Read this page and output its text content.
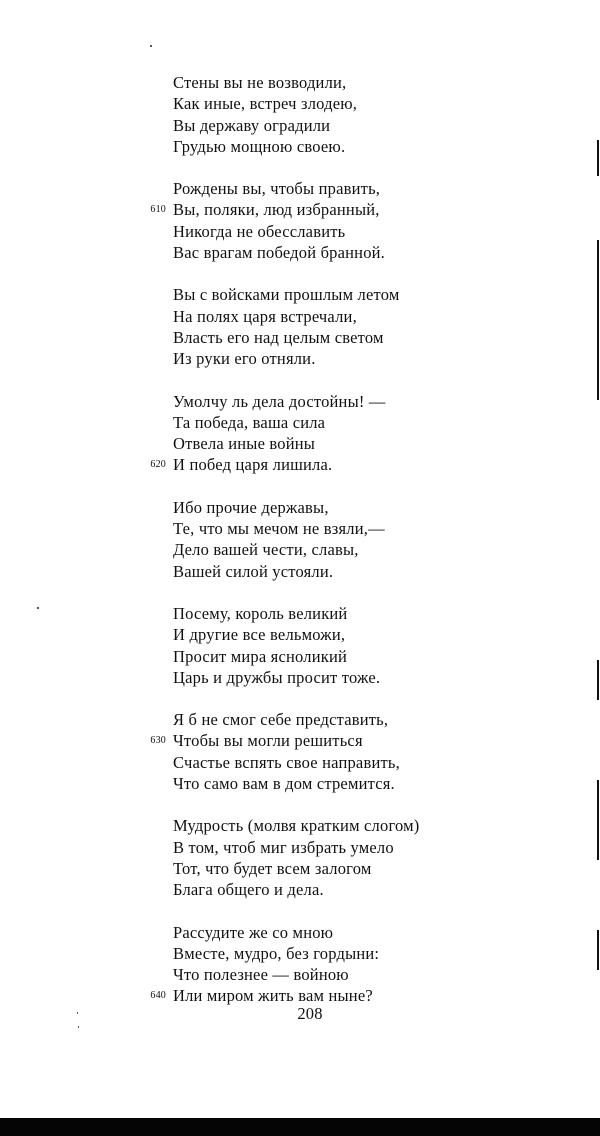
Стены вы не возводили,
Как иные, встреч злодею,
Вы державу оградили
Грудью мощною своею.
Рождены вы, чтобы править,
610 Вы, поляки, люд избранный,
Никогда не обесславить
Вас врагам победой бранной.
Вы с войсками прошлым летом
На полях царя встречали,
Власть его над целым светом
Из руки его отняли.
Умолчу ль дела достойны! —
Та победа, ваша сила
Отвела иные войны
620 И побед царя лишила.
Ибо прочие державы,
Те, что мы мечом не взяли,—
Дело вашей чести, славы,
Вашей силой устояли.
Посему, король великий
И другие все вельможи,
Просит мира ясноликий
Царь и дружбы просит тоже.
Я б не смог себе представить,
630 Чтобы вы могли решиться
Счастье вспять свое направить,
Что само вам в дом стремится.
Мудрость (молвя кратким слогом)
В том, чтоб миг избрать умело
Тот, что будет всем залогом
Блага общего и дела.
Рассудите же со мною
Вместе, мудро, без гордыни:
Что полезнее — войною
640 Или миром жить вам ныне?
208
